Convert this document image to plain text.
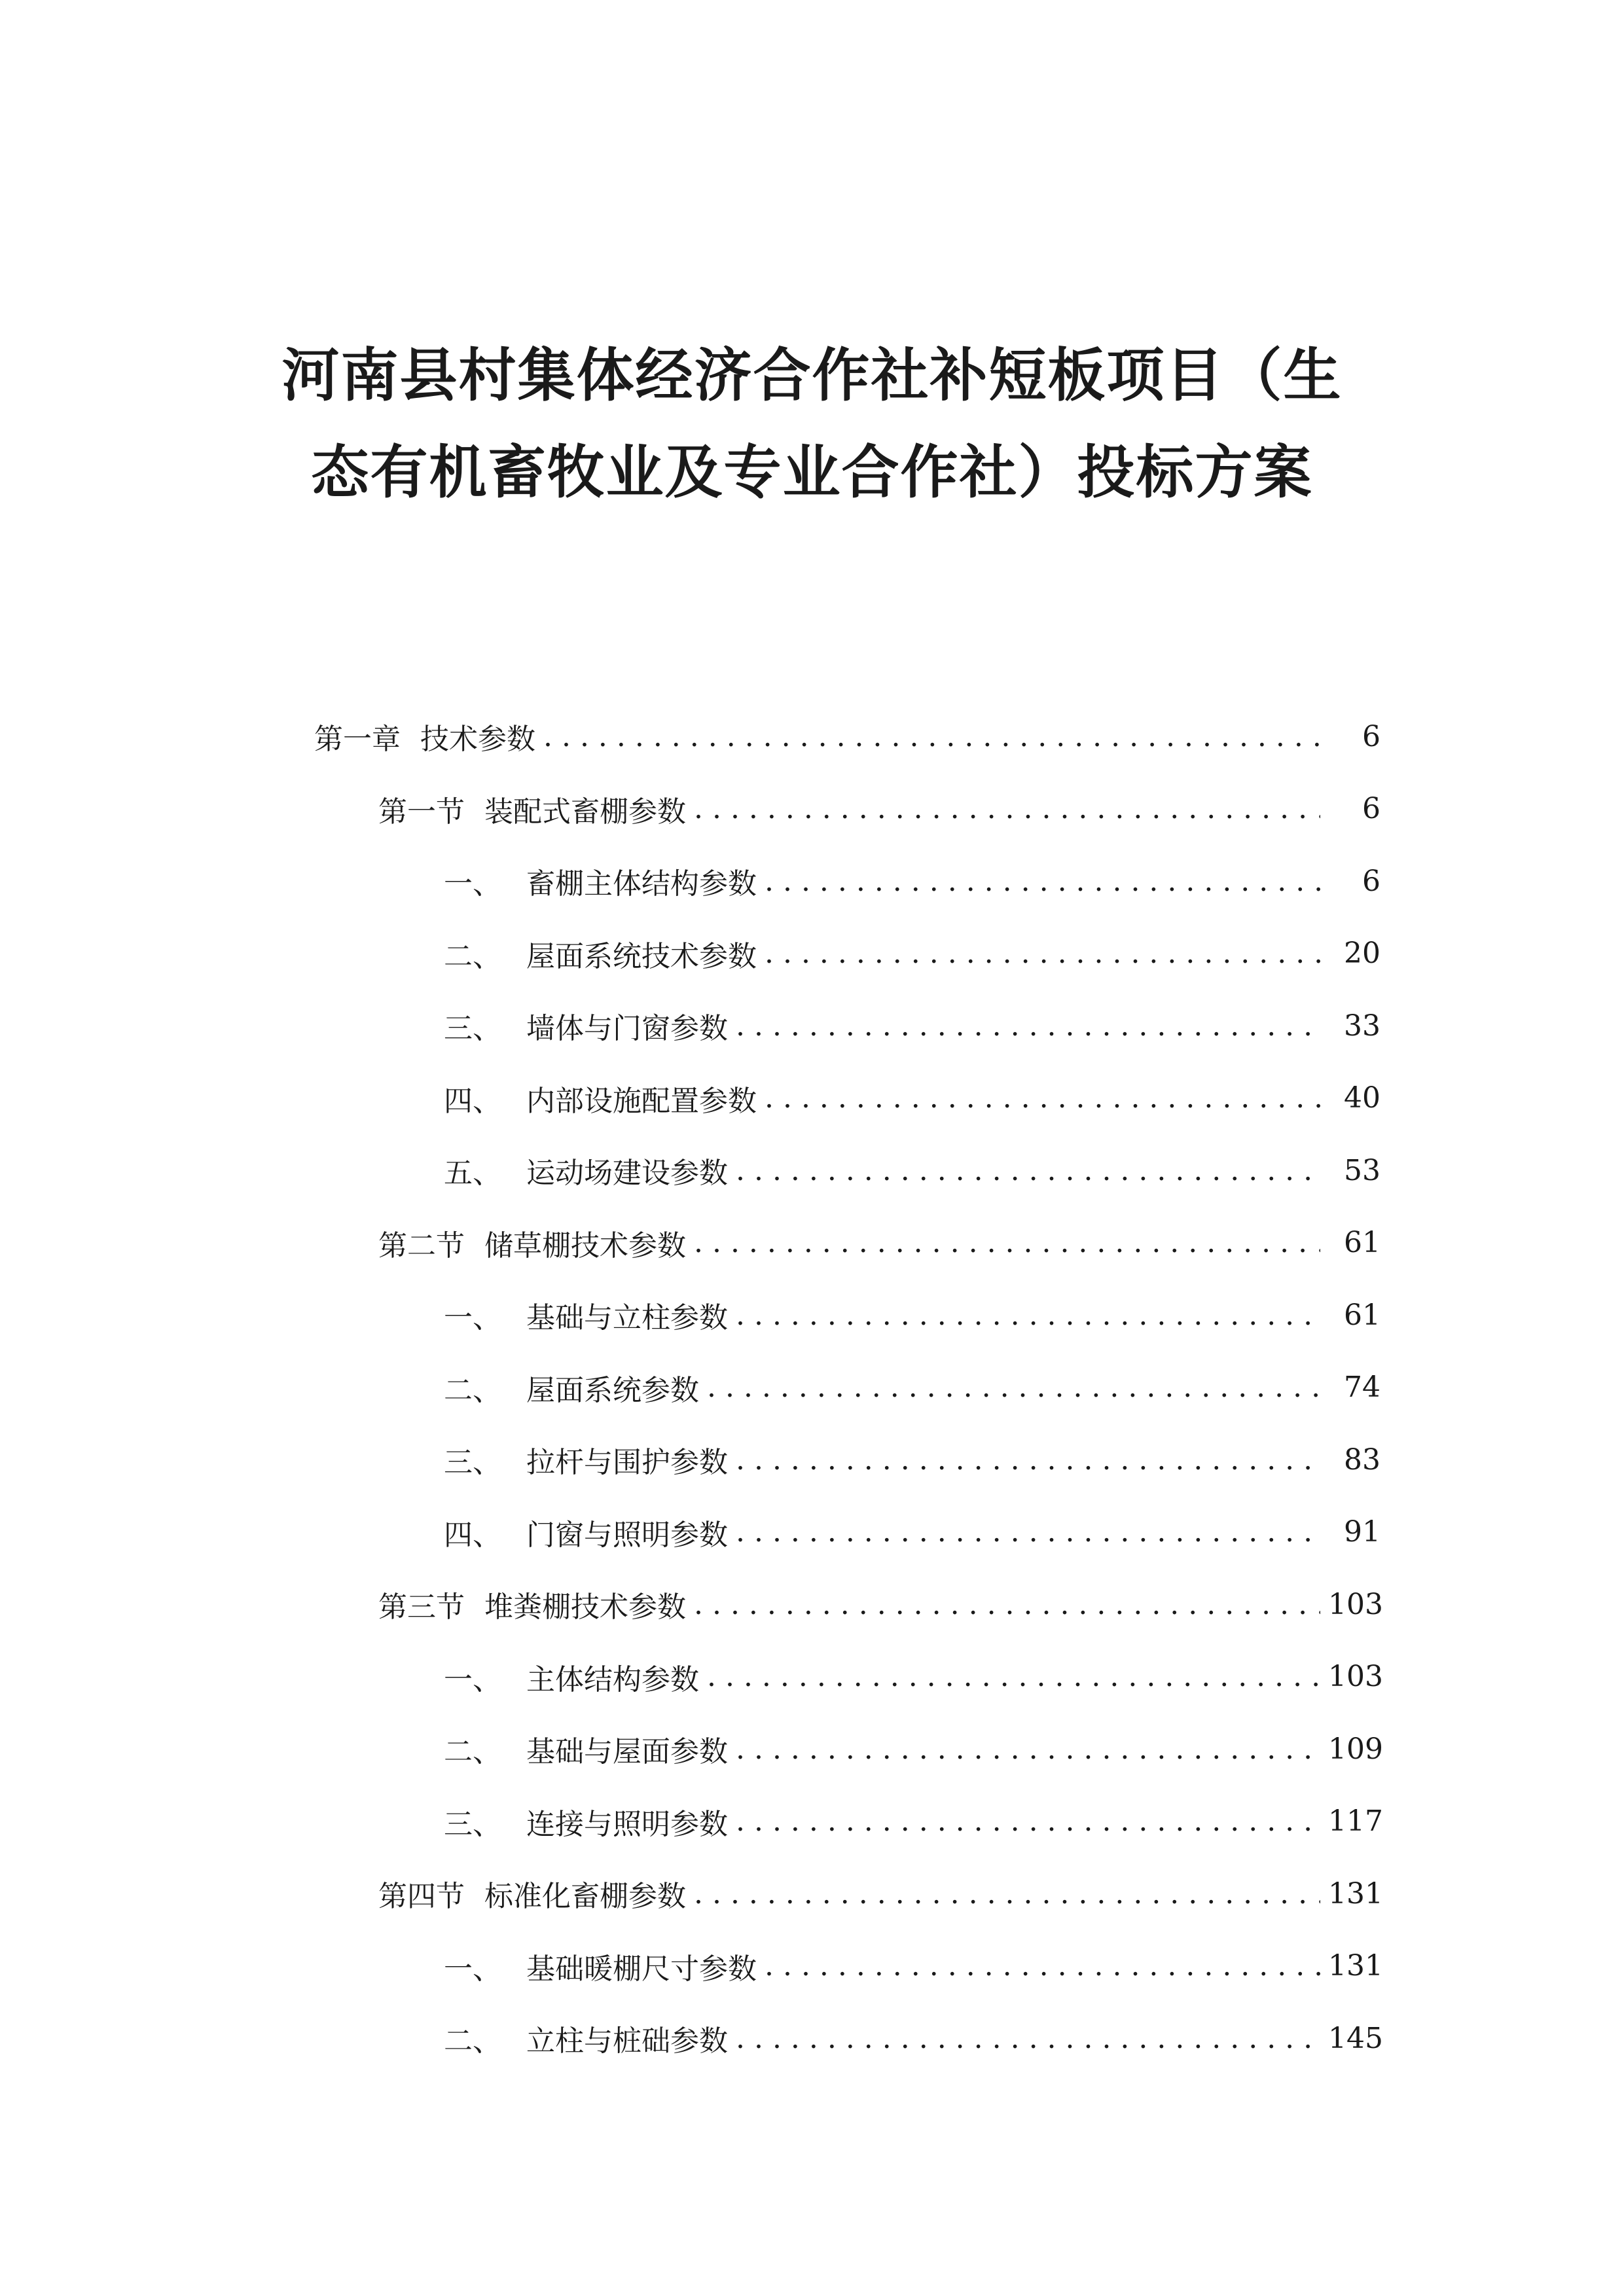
河南县村集体经济合作社补短板项目（生
态有机畜牧业及专业合作社）投标方案
第一章 技术参数 . . .	6
第一节 装配式畜棚参数 . . .	6
一、 畜棚主体结构参数 . . .	6
二、 屋面系统技术参数 . . .	20
三、 墙体与门窗参数 . . .	33
四、 内部设施配置参数 . . .	40
五、 运动场建设参数 . . .	53
第二节 储草棚技术参数 . . .	61
一、 基础与立柱参数 . . .	61
二、 屋面系统参数 . . .	74
三、 拉杆与围护参数 . . .	83
四、 门窗与照明参数 . . .	91
第三节 堆粪棚技术参数 . . .	103
一、 主体结构参数 . . .	103
二、 基础与屋面参数 . . .	109
三、 连接与照明参数 . . .	117
第四节 标准化畜棚参数 . . .	131
一、 基础暖棚尺寸参数 . . .	131
二、 立柱与桩础参数 . . .	145
